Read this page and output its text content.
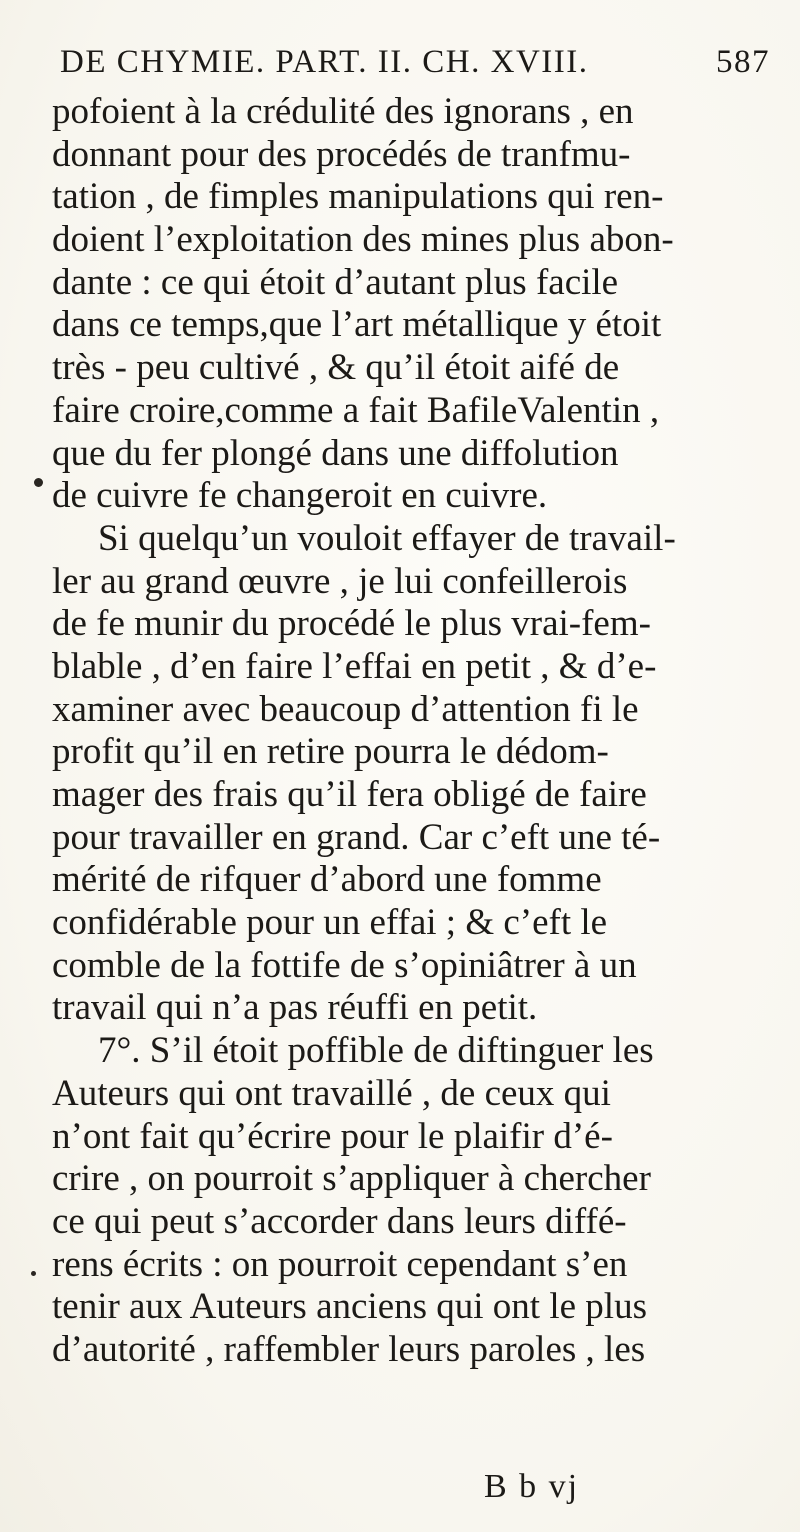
DE CHYMIE. PART. II. CH. XVIII.	587
pofoient à la crédulité des ignorans , en
donnant pour des procédés de tranfmu-
tation , de fimples manipulations qui ren-
doient l’exploitation des mines plus abon-
dante : ce qui étoit d’autant plus facile
dans ce temps,que l’art métallique y étoit
très - peu cultivé , & qu’il étoit aifé de
faire croire,comme a fait BafileValentin ,
que du fer plongé dans une diffolution
de cuivre fe changeroit en cuivre.
Si quelqu’un vouloit effayer de travail-
ler au grand œuvre , je lui confeillerois
de fe munir du procédé le plus vrai-fem-
blable , d’en faire l’effai en petit , & d’e-
xaminer avec beaucoup d’attention fi le
profit qu’il en retire pourra le dédom-
mager des frais qu’il fera obligé de faire
pour travailler en grand. Car c’eft une té-
mérité de rifquer d’abord une fomme
confidérable pour un effai ; & c’eft le
comble de la fottife de s’opiniâtrer à un
travail qui n’a pas réuffi en petit.
7°. S’il étoit poffible de diftinguer les
Auteurs qui ont travaillé , de ceux qui
n’ont fait qu’écrire pour le plaifir d’é-
crire , on pourroit s’appliquer à chercher
ce qui peut s’accorder dans leurs diffé-
rens écrits : on pourroit cependant s’en
tenir aux Auteurs anciens qui ont le plus
d’autorité , raffembler leurs paroles , les
B b vj
